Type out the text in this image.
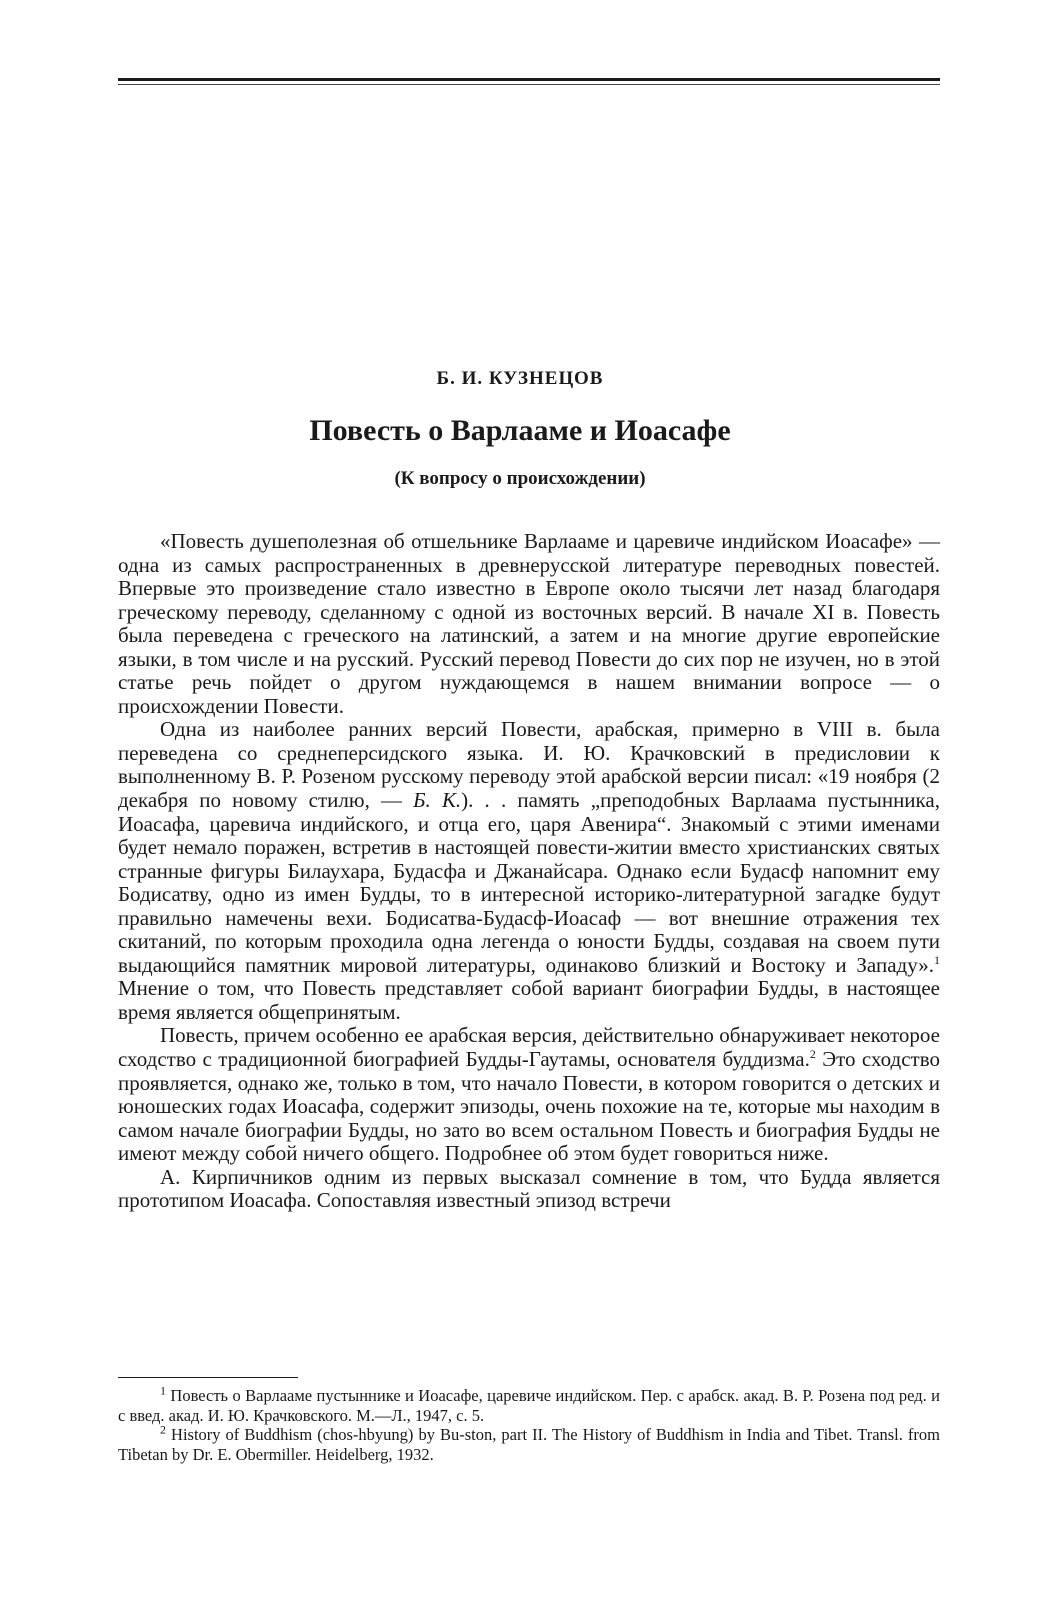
Б. И. КУЗНЕЦОВ
Повесть о Варлааме и Иоасафе
(К вопросу о происхождении)

«Повесть душеполезная об отшельнике Варлааме и царевиче индийском Иоасафе» — одна из самых распространенных в древнерусской литературе переводных повестей. Впервые это произведение стало известно в Европе около тысячи лет назад благодаря греческому переводу, сделанному с одной из восточных версий. В начале XI в. Повесть была переведена с греческого на латинский, а затем и на многие другие европейские языки, в том числе и на русский. Русский перевод Повести до сих пор не изучен, но в этой статье речь пойдет о другом нуждающемся в нашем внимании вопросе — о происхождении Повести.

Одна из наиболее ранних версий Повести, арабская, примерно в VIII в. была переведена со среднеперсидского языка. И. Ю. Крачковский в предисловии к выполненному В. Р. Розеном русскому переводу этой арабской версии писал: «19 ноября (2 декабря по новому стилю, — Б. К.). . . память „преподобных Варлаама пустынника, Иоасафа, царевича индийского, и отца его, царя Авенира“. Знакомый с этими именами будет немало поражен, встретив в настоящей повести-житии вместо христианских святых странные фигуры Билаухара, Будасфа и Джанайсара. Однако если Будасф напомнит ему Бодисатву, одно из имен Будды, то в интересной историко-литературной загадке будут правильно намечены вехи. Бодисатва-Будасф-Иоасаф — вот внешние отражения тех скитаний, по которым проходила одна легенда о юности Будды, создавая на своем пути выдающийся памятник мировой литературы, одинаково близкий и Востоку и Западу».$^1$ Мнение о том, что Повесть представляет собой вариант биографии Будды, в настоящее время является общепринятым.

Повесть, причем особенно ее арабская версия, действительно обнаруживает некоторое сходство с традиционной биографией Будды-Гаутамы, основателя буддизма.$^2$ Это сходство проявляется, однако же, только в том, что начало Повести, в котором говорится о детских и юношеских годах Иоасафа, содержит эпизоды, очень похожие на те, которые мы находим в самом начале биографии Будды, но зато во всем остальном Повесть и биография Будды не имеют между собой ничего общего. Подробнее об этом будет говориться ниже.

А. Кирпичников одним из первых высказал сомнение в том, что Будда является прототипом Иоасафа. Сопоставляя известный эпизод встречи

$^1$ Повесть о Варлааме пустыннике и Иоасафе, царевиче индийском. Пер. с арабск. акад. В. Р. Розена под ред. и с введ. акад. И. Ю. Крачковского. М.—Л., 1947, с. 5.

$^2$ History of Buddhism (chos-hbyung) by Bu-ston, part II. The History of Buddhism in India and Tibet. Transl. from Tibetan by Dr. E. Obermiller. Heidelberg, 1932.
